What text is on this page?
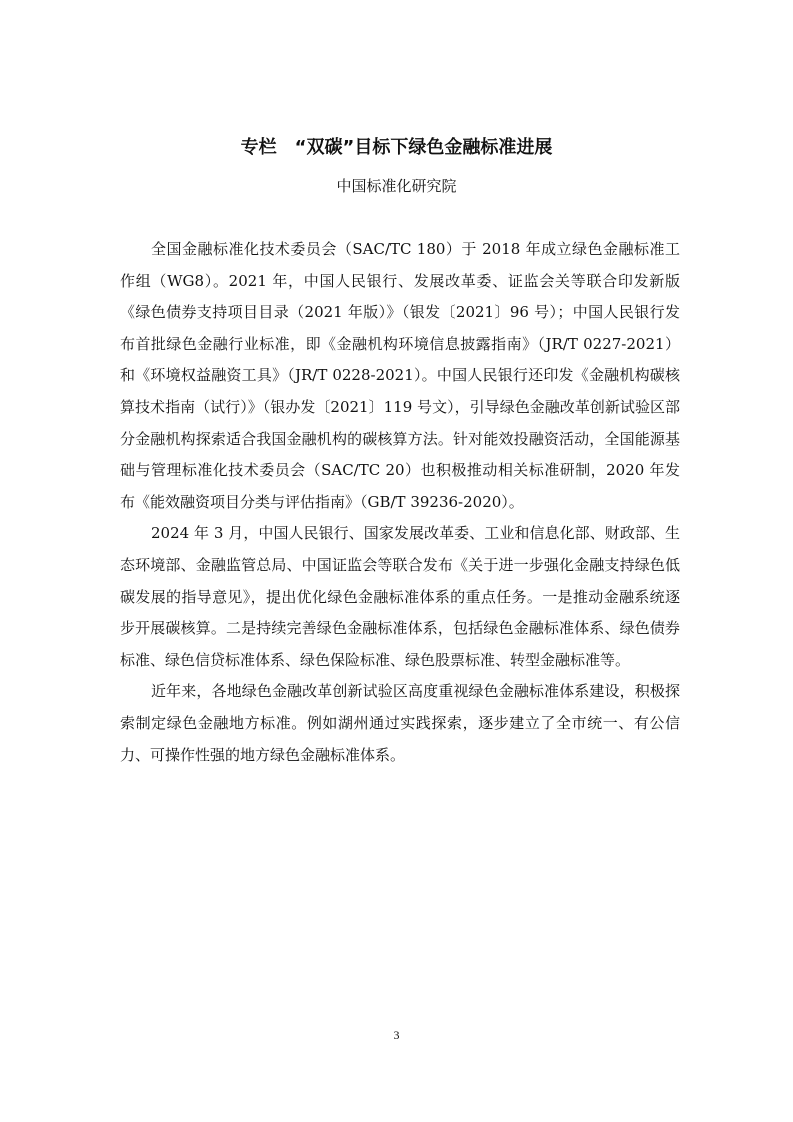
专栏　“双碳”目标下绿色金融标准进展
中国标准化研究院

全国金融标准化技术委员会（SAC/TC 180）于 2018 年成立绿色金融标准工作组（WG8）。2021 年，中国人民银行、发展改革委、证监会关等联合印发新版《绿色债券支持项目目录（2021 年版）》（银发〔2021〕96 号）；中国人民银行发布首批绿色金融行业标准，即《金融机构环境信息披露指南》（JR/T 0227-2021）和《环境权益融资工具》（JR/T 0228-2021）。中国人民银行还印发《金融机构碳核算技术指南（试行）》（银办发〔2021〕119 号文），引导绿色金融改革创新试验区部分金融机构探索适合我国金融机构的碳核算方法。针对能效投融资活动，全国能源基础与管理标准化技术委员会（SAC/TC 20）也积极推动相关标准研制，2020 年发布《能效融资项目分类与评估指南》（GB/T 39236-2020）。

2024 年 3 月，中国人民银行、国家发展改革委、工业和信息化部、财政部、生态环境部、金融监管总局、中国证监会等联合发布《关于进一步强化金融支持绿色低碳发展的指导意见》，提出优化绿色金融标准体系的重点任务。一是推动金融系统逐步开展碳核算。二是持续完善绿色金融标准体系，包括绿色金融标准体系、绿色债券标准、绿色信贷标准体系、绿色保险标准、绿色股票标准、转型金融标准等。

近年来，各地绿色金融改革创新试验区高度重视绿色金融标准体系建设，积极探索制定绿色金融地方标准。例如湖州通过实践探索，逐步建立了全市统一、有公信力、可操作性强的地方绿色金融标准体系。

3
